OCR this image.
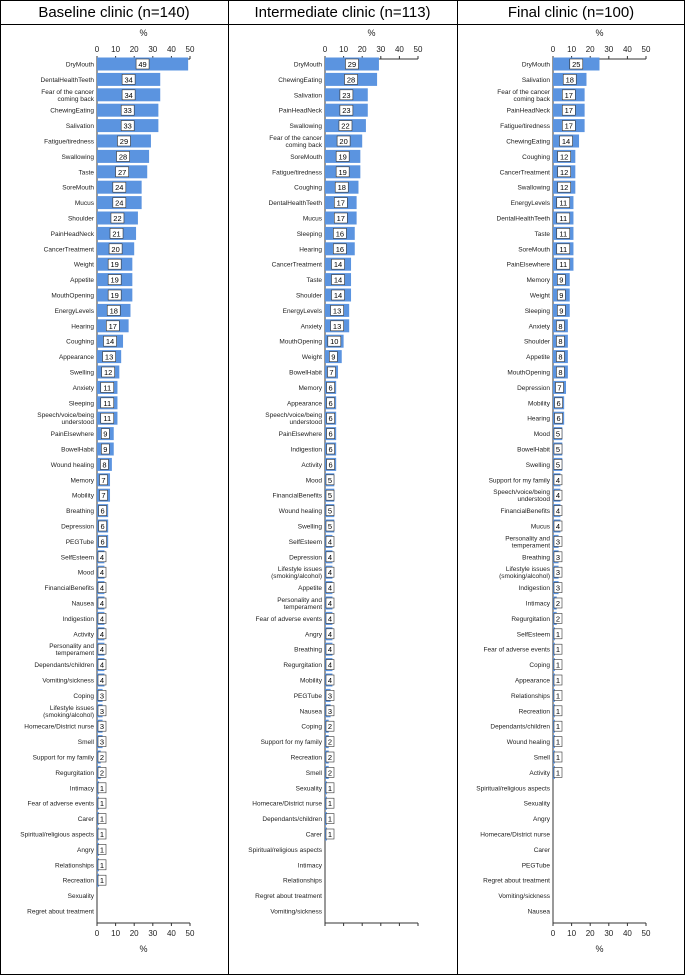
Baseline clinic (n=140)	Intermediate clinic (n=113)	Final clinic (n=100)
0
0
10
10
20
20
30
30
40
40
50
50
%
%
DryMouth	49
DentalHealthTeeth	34
Fear of the cancer
coming back	34
ChewingEating	33
Salivation	33
Fatigue/tiredness	29
Swallowing	28
Taste	27
SoreMouth	24
Mucus	24
Shoulder	22
PainHeadNeck 21
CancerTreatment 20
Weight 19
Appetite 19
MouthOpening 19
EnergyLevels 18
Hearing 17
Coughing 14
Appearance 13
Swelling 12
Anxiety 11
Sleeping 11
Speech/voice/being
understood 11
PainElsewhere 9
BowelHabit 9
Wound healing 8
Memory 7
Mobility 7
Breathing 6
Depression 6
PEGTube 6
SelfEsteem 4
Mood 4
FinancialBenefits 4
Nausea 4
Indigestion 4
Activity 4
Personality and
temperament 4
Dependants/children 4
Vomiting/sickness 4
Coping 3
Lifestyle issues
(smoking/alcohol) 3
Homecare/District nurse 3
Smell 3
Support for my family 2
Regurgitation 2
Intimacy 1
Fear of adverse events 1
Carer 1
Spiritual/religious aspects 1
Angry 1
Relationships 1
Recreation 1
Sexuality
Regret about treatment
0 10 20 30 40 50
%
DryMouth	29
ChewingEating	28
Salivation	23
PainHeadNeck	23
Swallowing	22
Fear of the cancer
coming back 20
SoreMouth 19
Fatigue/tiredness 19
Coughing 18
DentalHealthTeeth 17
Mucus 17
Sleeping 16
Hearing 16
CancerTreatment 14
Taste 14
Shoulder 14
EnergyLevels 13
Anxiety 13
MouthOpening 10
Weight 9
BowelHabit 7
Memory 6
Appearance 6
Speech/voice/being
understood 6
PainElsewhere 6
Indigestion 6
Activity 6
Mood 5
FinancialBenefits 5
Wound healing 5
Swelling 5
SelfEsteem 4
Depression 4
Lifestyle issues
(smoking/alcohol) 4
Appetite 4
Personality and
temperament 4
Fear of adverse events 4
Angry 4
Breathing 4
Regurgitation 4
Mobility 4
PEGTube 3
Nausea 3
Coping 2
Support for my family 2
Recreation 2
Smell 2
Sexuality 1
Homecare/District nurse 1
Dependants/children 1
Carer 1
Spiritual/religious aspects
Intimacy
Relationships
Regret about treatment
Vomiting/sickness
0
0
10
10
20
20
30
30
40
40
50
50
%
%
DryMouth	25
Salivation 18
Fear of the cancer
coming back 17
PainHeadNeck 17
Fatigue/tiredness 17
ChewingEating 14
Coughing 12
CancerTreatment 12
Swallowing 12
EnergyLevels 11
DentalHealthTeeth 11
Taste 11
SoreMouth 11
PainElsewhere 11
Memory 9
Weight 9
Sleeping 9
Anxiety 8
Shoulder 8
Appetite 8
MouthOpening 8
Depression 7
Mobility 6
Hearing 6
Mood 5
BowelHabit 5
Swelling 5
Support for my family 4
Speech/voice/being
understood 4
FinancialBenefits 4
Mucus 4
Personality and
temperament 3
Breathing 3
Lifestyle issues
(smoking/alcohol) 3
Indigestion 3
Intimacy 2
Regurgitation 2
SelfEsteem 1
Fear of adverse events 1
Coping 1
Appearance 1
Relationships 1
Recreation 1
Dependants/children 1
Wound healing 1
Smell 1
Activity 1
Spiritual/religious aspects
Sexuality
Angry
Homecare/District nurse
Carer
PEGTube
Regret about treatment
Vomiting/sickness
Nausea
